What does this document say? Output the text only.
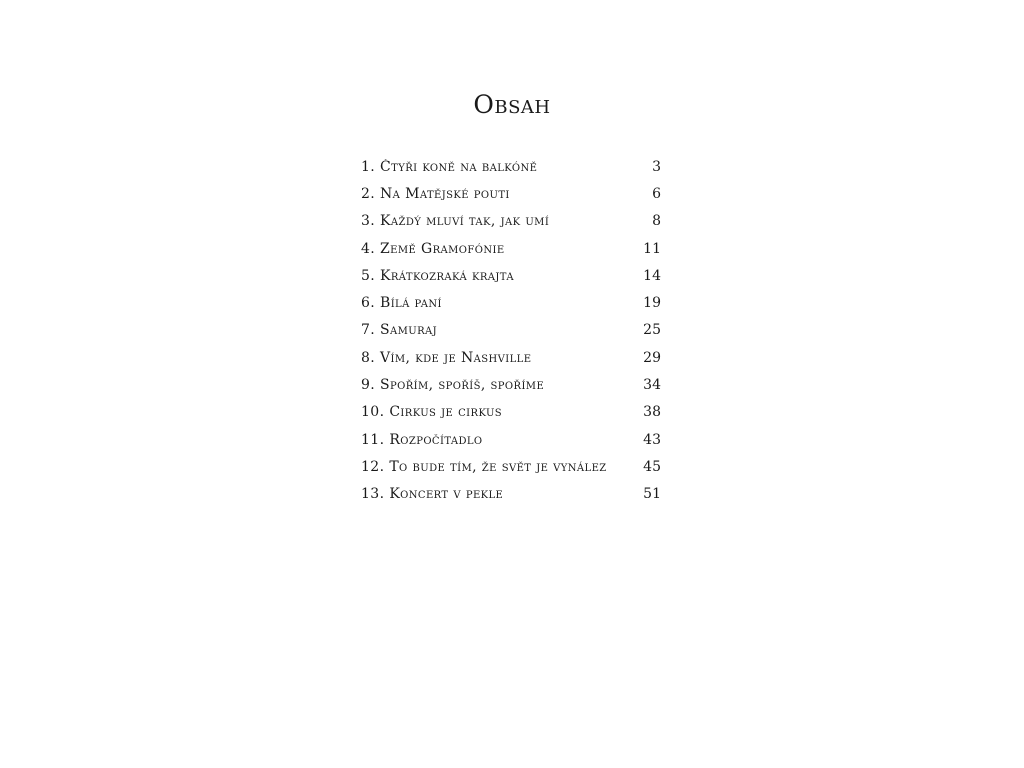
Obsah
1. Čtyři koně na balkóně	3
2. Na Matějské pouti	6
3. Každý mluví tak, jak umí	8
4. Země Gramofónie	11
5. Krátkozraká krajta	14
6. Bílá paní	19
7. Samuraj	25
8. Vím, kde je Nashville	29
9. Spořím, spoříš, spoříme	34
10. Cirkus je cirkus	38
11. Rozpočítadlo	43
12. To bude tím, že svět je vynález	45
13. Koncert v pekle	51
